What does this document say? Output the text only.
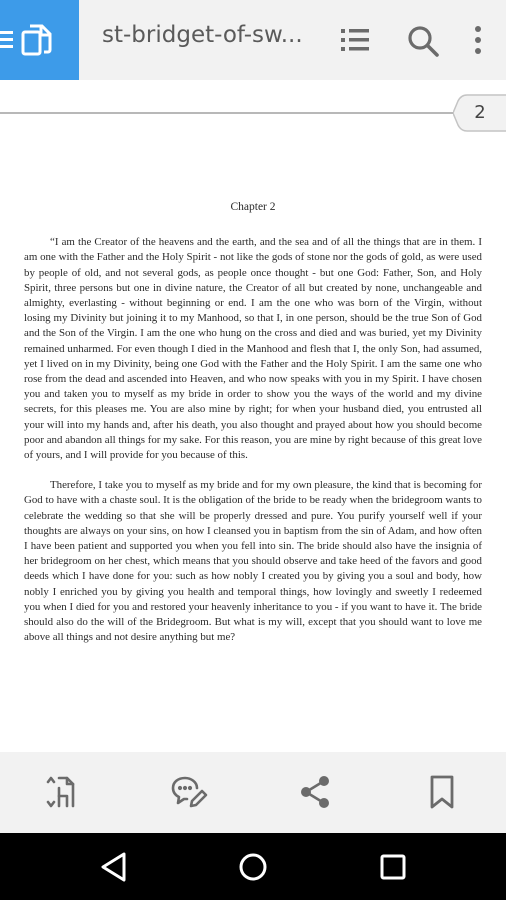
st-bridget-of-sw...
2
Chapter 2

“I am the Creator of the heavens and the earth, and the sea and of all the things that are in them. I am one with the Father and the Holy Spirit - not like the gods of stone nor the gods of gold, as were used by people of old, and not several gods, as people once thought - but one God: Father, Son, and Holy Spirit, three persons but one in divine nature, the Creator of all but created by none, unchangeable and almighty, everlasting - without beginning or end. I am the one who was born of the Virgin, without losing my Divinity but joining it to my Manhood, so that I, in one person, should be the true Son of God and the Son of the Virgin. I am the one who hung on the cross and died and was buried, yet my Divinity remained unharmed. For even though I died in the Manhood and flesh that I, the only Son, had assumed, yet I lived on in my Divinity, being one God with the Father and the Holy Spirit. I am the same one who rose from the dead and ascended into Heaven, and who now speaks with you in my Spirit. I have chosen you and taken you to myself as my bride in order to show you the ways of the world and my divine secrets, for this pleases me. You are also mine by right; for when your husband died, you entrusted all your will into my hands and, after his death, you also thought and prayed about how you should become poor and abandon all things for my sake. For this reason, you are mine by right because of this great love of yours, and I will provide for you because of this.

Therefore, I take you to myself as my bride and for my own pleasure, the kind that is becoming for God to have with a chaste soul. It is the obligation of the bride to be ready when the bridegroom wants to celebrate the wedding so that she will be properly dressed and pure. You purify yourself well if your thoughts are always on your sins, on how I cleansed you in baptism from the sin of Adam, and how often I have been patient and supported you when you fell into sin. The bride should also have the insignia of her bridegroom on her chest, which means that you should observe and take heed of the favors and good deeds which I have done for you: such as how nobly I created you by giving you a soul and body, how nobly I enriched you by giving you health and temporal things, how lovingly and sweetly I redeemed you when I died for you and restored your heavenly inheritance to you - if you want to have it. The bride should also do the will of the Bridegroom. But what is my will, except that you should want to love me above all things and not desire anything but me?
